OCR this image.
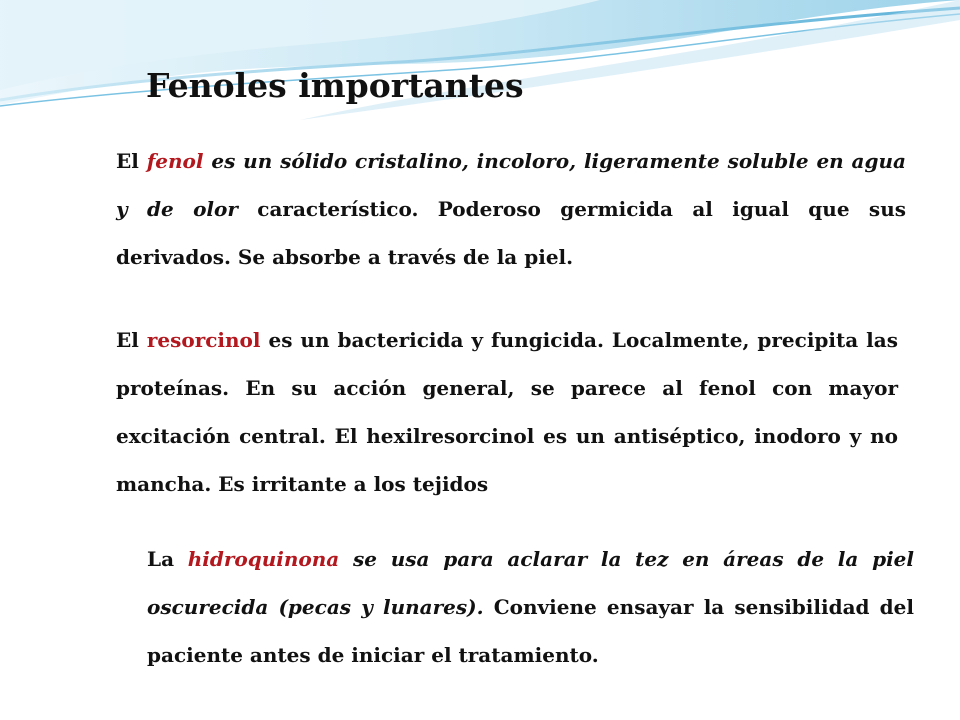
Fenoles importantes
El fenol es un sólido cristalino, incoloro, ligeramente soluble en agua y de olor característico. Poderoso germicida al igual que sus derivados. Se absorbe a través de la piel.
El resorcinol es un bactericida y fungicida. Localmente, precipita las proteínas. En su acción general, se parece al fenol con mayor excitación central. El hexilresorcinol es un antiséptico, inodoro y no mancha. Es irritante a los tejidos
La hidroquinona se usa para aclarar la tez en áreas de la piel oscurecida (pecas y lunares). Conviene ensayar la sensibilidad del paciente antes de iniciar el tratamiento.
